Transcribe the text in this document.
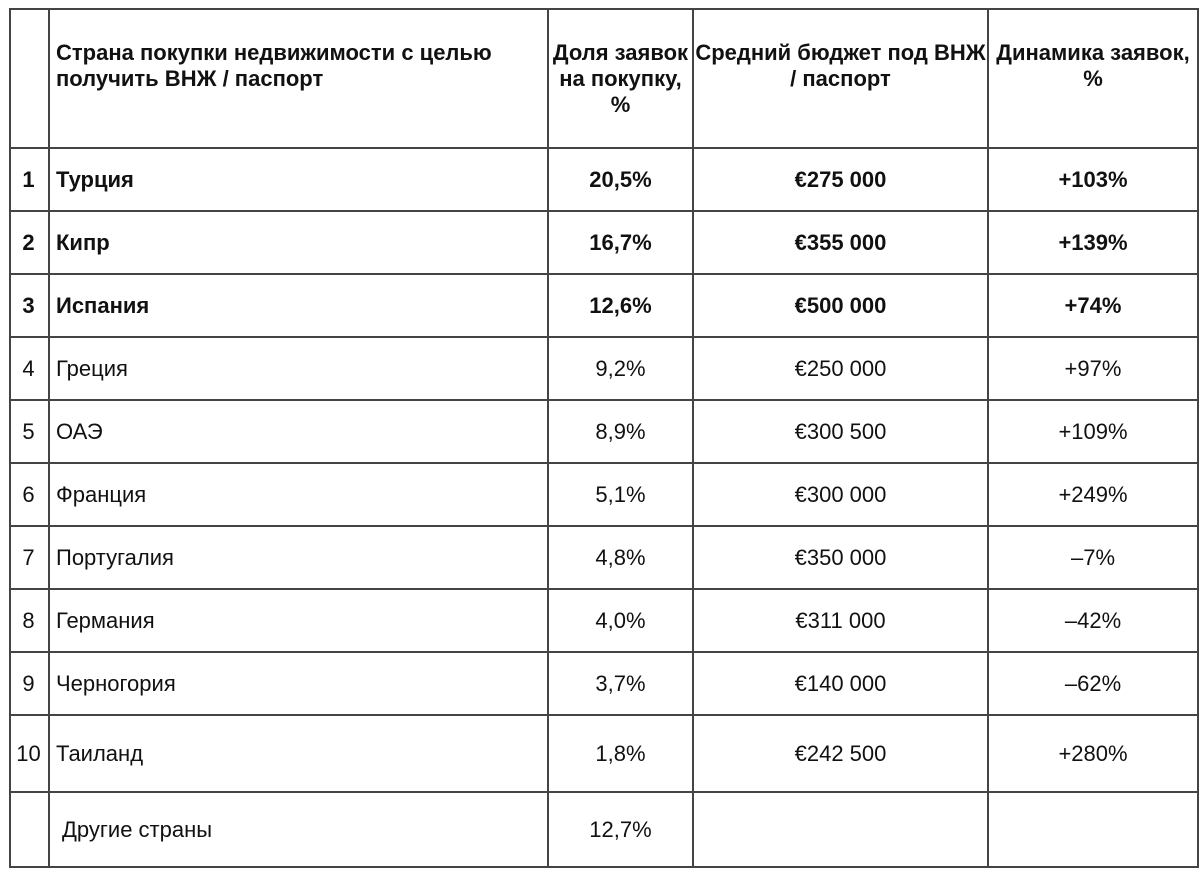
	Страна покупки недвижимости с целью получить ВНЖ / паспорт	Доля заявок на покупку, %	Средний бюджет под ВНЖ / паспорт	Динамика заявок, %

1	Турция	20,5%	€275 000	+103%
2	Кипр	16,7%	€355 000	+139%
3	Испания	12,6%	€500 000	+74%
4	Греция	9,2%	€250 000	+97%
5	ОАЭ	8,9%	€300 500	+109%
6	Франция	5,1%	€300 000	+249%
7	Португалия	4,8%	€350 000	–7%
8	Германия	4,0%	€311 000	–42%
9	Черногория	3,7%	€140 000	–62%
10	Таиланд	1,8%	€242 500	+280%
	Другие страны	12,7%		
